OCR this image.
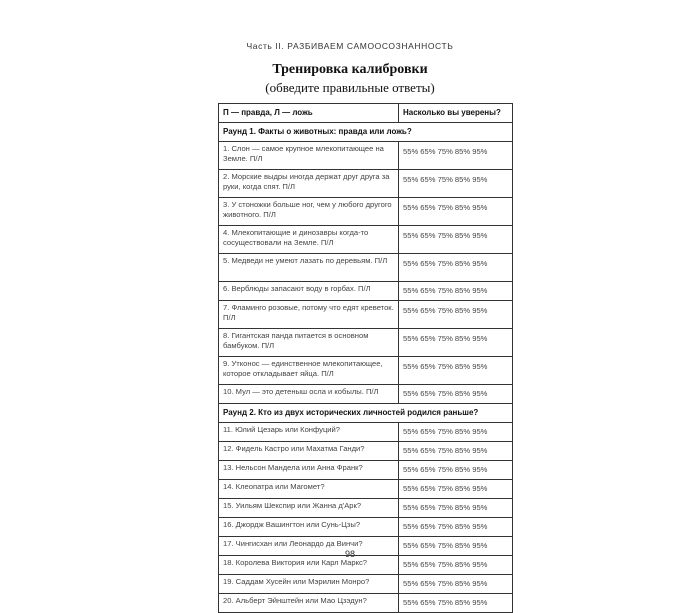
Часть II. РАЗБИВАЕМ САМООСОЗНАННОСТЬ
Тренировка калибровки
(обведите правильные ответы)
П — правда, Л — ложь	Насколько вы уверены?
Раунд 1. Факты о животных: правда или ложь?	
1. Слон — самое крупное млекопитающее на Земле. П/Л	55% 65% 75% 85% 95%
2. Морские выдры иногда держат друг друга за руки, когда спят. П/Л	55% 65% 75% 85% 95%
3. У стоножки больше ног, чем у любого другого животного. П/Л	55% 65% 75% 85% 95%
4. Млекопитающие и динозавры когда-то сосуществовали на Земле. П/Л	55% 65% 75% 85% 95%
5. Медведи не умеют лазать по деревьям. П/Л	55% 65% 75% 85% 95%
6. Верблюды запасают воду в горбах. П/Л	55% 65% 75% 85% 95%
7. Фламинго розовые, потому что едят креветок. П/Л	55% 65% 75% 85% 95%
8. Гигантская панда питается в основном бамбуком. П/Л	55% 65% 75% 85% 95%
9. Утконос — единственное млекопитающее, которое откладывает яйца. П/Л	55% 65% 75% 85% 95%
10. Мул — это детеныш осла и кобылы. П/Л	55% 65% 75% 85% 95%
Раунд 2. Кто из двух исторических личностей родился раньше?	
11. Юлий Цезарь или Конфуций?	55% 65% 75% 85% 95%
12. Фидель Кастро или Махатма Ганди?	55% 65% 75% 85% 95%
13. Нельсон Мандела или Анна Франк?	55% 65% 75% 85% 95%
14. Клеопатра или Магомет?	55% 65% 75% 85% 95%
15. Уильям Шекспир или Жанна д'Арк?	55% 65% 75% 85% 95%
16. Джордж Вашингтон или Сунь-Цзы?	55% 65% 75% 85% 95%
17. Чингисхан или Леонардо да Винчи?	55% 65% 75% 85% 95%
18. Королева Виктория или Карл Маркс?	55% 65% 75% 85% 95%
19. Саддам Хусейн или Мэрилин Монро?	55% 65% 75% 85% 95%
20. Альберт Эйнштейн или Мао Цзэдун?	55% 65% 75% 85% 95%
98
